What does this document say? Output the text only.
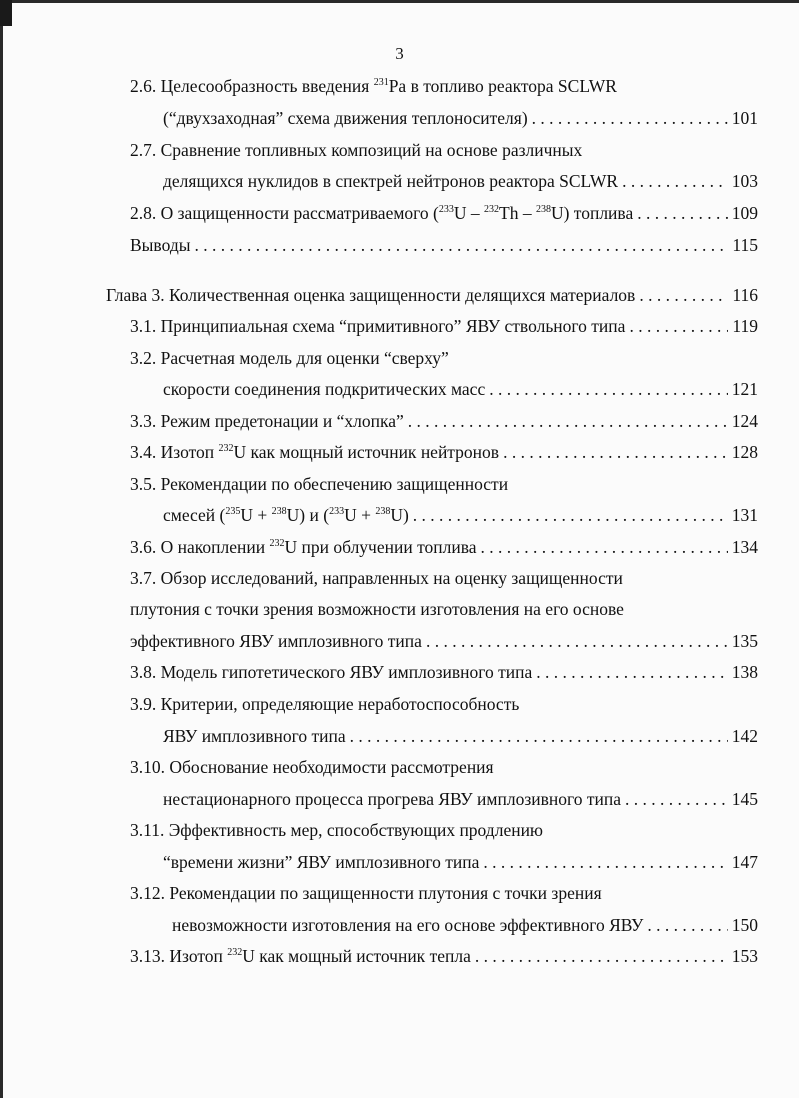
3
2.6. Целесообразность введения $^{231}$Pa в топливо реактора SCLWR
(“двухзаходная” схема движения теплоносителя) . . .	101
2.7. Сравнение топливных композиций на основе различных
делящихся нуклидов в спектрей нейтронов реактора SCLWR . . .	103
2.8. О защищенности рассматриваемого ($^{233}$U – $^{232}$Th – $^{238}$U) топлива . . .	109
Выводы . . .	115
Глава 3. Количественная оценка защищенности делящихся материалов . . .	116
3.1. Принципиальная схема “примитивного” ЯВУ ствольного типа . . .	119
3.2. Расчетная модель для оценки “сверху”
скорости соединения подкритических масс . . .	121
3.3. Режим предетонации и “хлопка” . . .	124
3.4. Изотоп $^{232}$U как мощный источник нейтронов . . .	128
3.5. Рекомендации по обеспечению защищенности
смесей ($^{235}$U + $^{238}$U) и ($^{233}$U + $^{238}$U) . . .	131
3.6. О накоплении $^{232}$U при облучении топлива . . .	134
3.7. Обзор исследований, направленных на оценку защищенности
плутония с точки зрения возможности изготовления на его основе
эффективного ЯВУ имплозивного типа . . .	135
3.8. Модель гипотетического ЯВУ имплозивного типа . . .	138
3.9. Критерии, определяющие неработоспособность
ЯВУ имплозивного типа . . .	142
3.10. Обоснование необходимости рассмотрения
нестационарного процесса прогрева ЯВУ имплозивного типа . . .	145
3.11. Эффективность мер, способствующих продлению
“времени жизни” ЯВУ имплозивного типа . . .	147
3.12. Рекомендации по защищенности плутония с точки зрения
невозможности изготовления на его основе эффективного ЯВУ . . .	150
3.13. Изотоп $^{232}$U как мощный источник тепла . . .	153
